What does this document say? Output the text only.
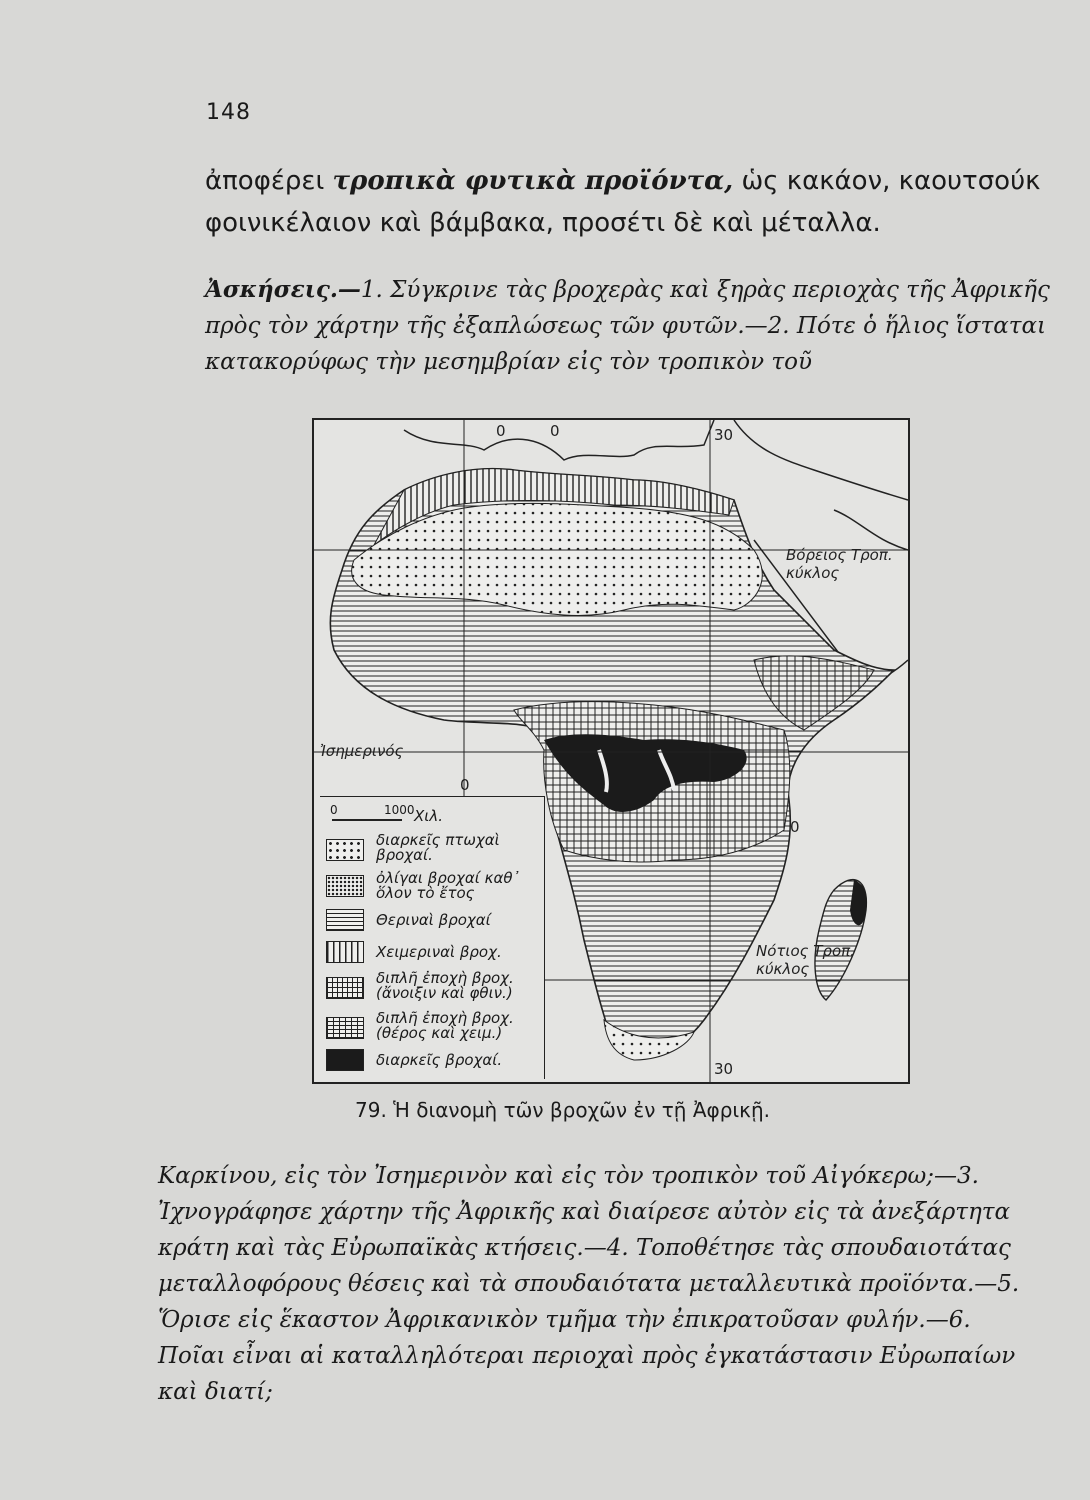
148

ἀποφέρει τροπικὰ φυτικὰ προϊόντα, ὡς κακάον, καουτσούκ φοινικέλαιον καὶ βάμβακα, προσέτι δὲ καὶ μέταλλα.

Ἀσκήσεις.—1. Σύγκρινε τὰς βροχερὰς καὶ ξηρὰς περιοχὰς τῆς Ἀφρικῆς πρὸς τὸν χάρτην τῆς ἐξαπλώσεως τῶν φυτῶν.—2. Πότε ὁ ἥλιος ἵσταται κατακορύφως τὴν μεσημβρίαν εἰς τὸν τροπικὸν τοῦ

0	0	30
Βόρειος Τροπ. κύκλος
Ἰσημερινός
0
0
Νότιος Τροπ. κύκλος
30
0	1000 Χιλ.
διαρκεῖς πτωχαὶ βροχαί.
ὀλίγαι βροχαί καθ᾽ ὅλον τὸ ἔτος
Θεριναὶ βροχαί
Χειμεριναὶ βροχ.
διπλῆ ἐποχὴ βροχ. (ἄνοιξιν καὶ φθιν.)
διπλῆ ἐποχὴ βροχ. (θέρος καὶ χειμ.)
διαρκεῖς βροχαί.

79. Ἡ διανομὴ τῶν βροχῶν ἐν τῇ Ἀφρικῇ.

Καρκίνου, εἰς τὸν Ἰσημερινὸν καὶ εἰς τὸν τροπικὸν τοῦ Αἰγόκερω;—3. Ἰχνογράφησε χάρτην τῆς Ἀφρικῆς καὶ διαίρεσε αὐτὸν εἰς τὰ ἀνεξάρτητα κράτη καὶ τὰς Εὐρωπαϊκὰς κτήσεις.—4. Τοποθέτησε τὰς σπουδαιοτάτας μεταλλοφόρους θέσεις καὶ τὰ σπουδαιότατα μεταλλευτικὰ προϊόντα.—5. Ὅρισε εἰς ἕκαστον Ἀφρικανικὸν τμῆμα τὴν ἐπικρατοῦσαν φυλήν.—6. Ποῖαι εἶναι αἱ καταλληλότεραι περιοχαὶ πρὸς ἐγκατάστασιν Εὐρωπαίων καὶ διατί;
